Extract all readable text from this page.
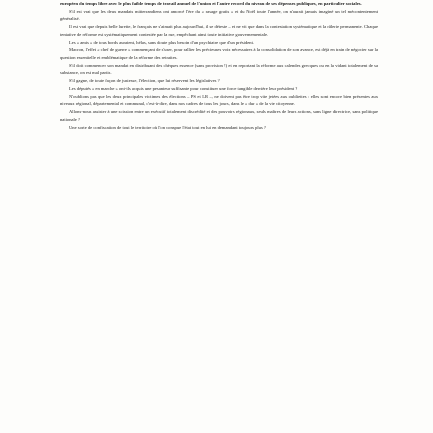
européen du temps libre avec le plus faible temps de travail annuel de l'union et l'autre record du niveau de ses dépenses publiques, en particulier sociales.

S'il est vrai que les deux mandats mitterrandiens ont amorcé l'ère du « rasage gratis » et du Noël toute l'année, on n'aurait jamais imaginé un tel mécontentement généralisé.

Il est vrai que depuis belle lurette, le français ne s'aimait plus aujourd'hui, il se déteste – et ne vit que dans la contestation systématique et la râlerie permanente. Chaque tentative de réforme est systématiquement contestée par la rue, empêchant ainsi toute initiative gouvernementale.

Les « amis » de tous bords auraient, hélas, sans doute plus besoin d'un psychiatre que d'un président.

Macron, l'effet « chef de guerre » commençant de s'user, pour rallier les précieuses voix nécessaires à la consolidation de son avance, est déjà en train de négocier sur la question essentielle et emblématique de la réforme des retraites.

S'il doit commencer son mandat en distribuant des chèques essence (sans provision !) et en reportant la réforme aux calendes grecques ou en la vidant totalement de sa substance, on est mal partis.

S'il gagne, de toute façon de justesse, l'élection, que lui réservent les législatives ?

Les députés « en marche » ont-ils acquis une pesanteur suffisante pour constituer une force tangible derrière leur président ?

N'oublions pas que les deux principales victimes des élections – PS et LR –, ne doivent pas être trop vite jetées aux oubliettes : elles sont encore bien présentes aux niveaux régional, départemental et communal, c'est-à-dire, dans nos cadres de tous les jours, dans le « dur » de la vie citoyenne.

Allons-nous assister à une scission entre un exécutif totalement discrédité et des pouvoirs régionaux, seuls maîtres de leurs actions, sans ligne directrice, sans politique nationale ?

Une sorte de confiscation de tout le territoire où l'on conspue l'état tout en lui en demandant toujours plus ?
